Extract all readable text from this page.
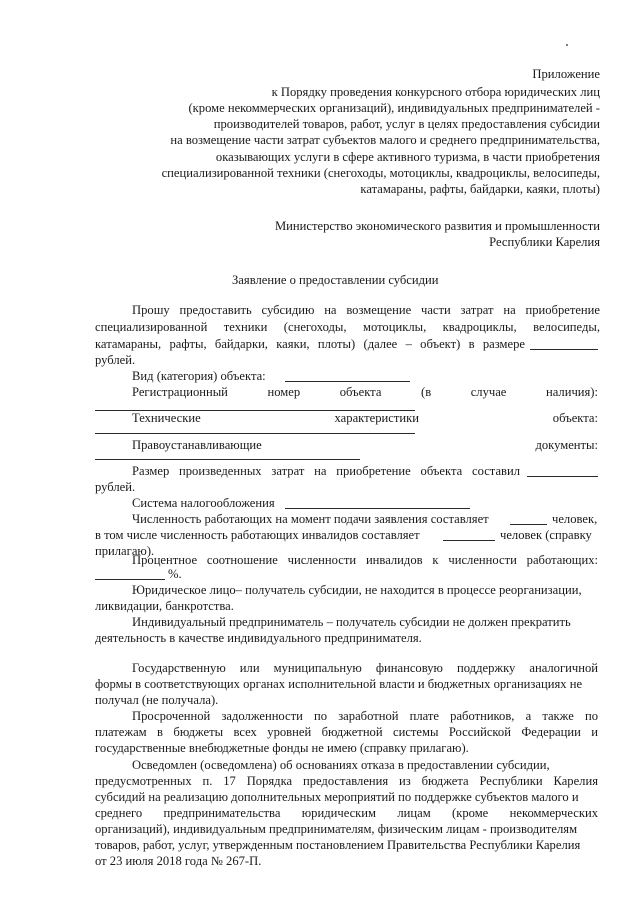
Приложение
к Порядку проведения конкурсного отбора юридических лиц
(кроме некоммерческих организаций), индивидуальных предпринимателей -
производителей товаров, работ, услуг в целях предоставления субсидии
на возмещение части затрат субъектов малого и среднего предпринимательства,
оказывающих услуги в сфере активного туризма, в части приобретения
специализированной техники (снегоходы, мотоциклы, квадроциклы, велосипеды,
катамараны, рафты, байдарки, каяки, плоты)
Министерство экономического развития и промышленности
Республики Карелия
Заявление о предоставлении субсидии
Прошу предоставить субсидию на возмещение части затрат на приобретение
специализированной техники (снегоходы, мотоциклы, квадроциклы, велосипеды,
катамараны, рафты, байдарки, каяки, плоты) (далее – объект) в размере
рублей.
Вид (категория) объекта:
Регистрационный номер объекта (в случае наличия):
Технические характеристики объекта:
Правоустанавливающие документы:
Размер произведенных затрат на приобретение объекта составил
рублей.
Система налогообложения
Численность работающих на момент подачи заявления составляет	человек,
в том числе численность работающих инвалидов составляет	человек (справку
прилагаю).
Процентное соотношение численности инвалидов к численности работающих:
%.
Юридическое лицо– получатель субсидии, не находится в процессе реорганизации,
ликвидации, банкротства.
Индивидуальный предприниматель – получатель субсидии не должен прекратить
деятельность в качестве индивидуального предпринимателя.
Государственную или муниципальную финансовую поддержку аналогичной
формы в соответствующих органах исполнительной власти и бюджетных организациях не
получал (не получала).
Просроченной задолженности по заработной плате работников, а также по
платежам в бюджеты всех уровней бюджетной системы Российской Федерации и
государственные внебюджетные фонды не имею (справку прилагаю).
Осведомлен (осведомлена) об основаниях отказа в предоставлении субсидии,
предусмотренных п. 17 Порядка предоставления из бюджета Республики Карелия
субсидий на реализацию дополнительных мероприятий по поддержке субъектов малого и
среднего предпринимательства юридическим лицам (кроме некоммерческих
организаций), индивидуальным предпринимателям, физическим лицам - производителям
товаров, работ, услуг, утвержденным постановлением Правительства Республики Карелия
от 23 июля 2018 года № 267-П.
